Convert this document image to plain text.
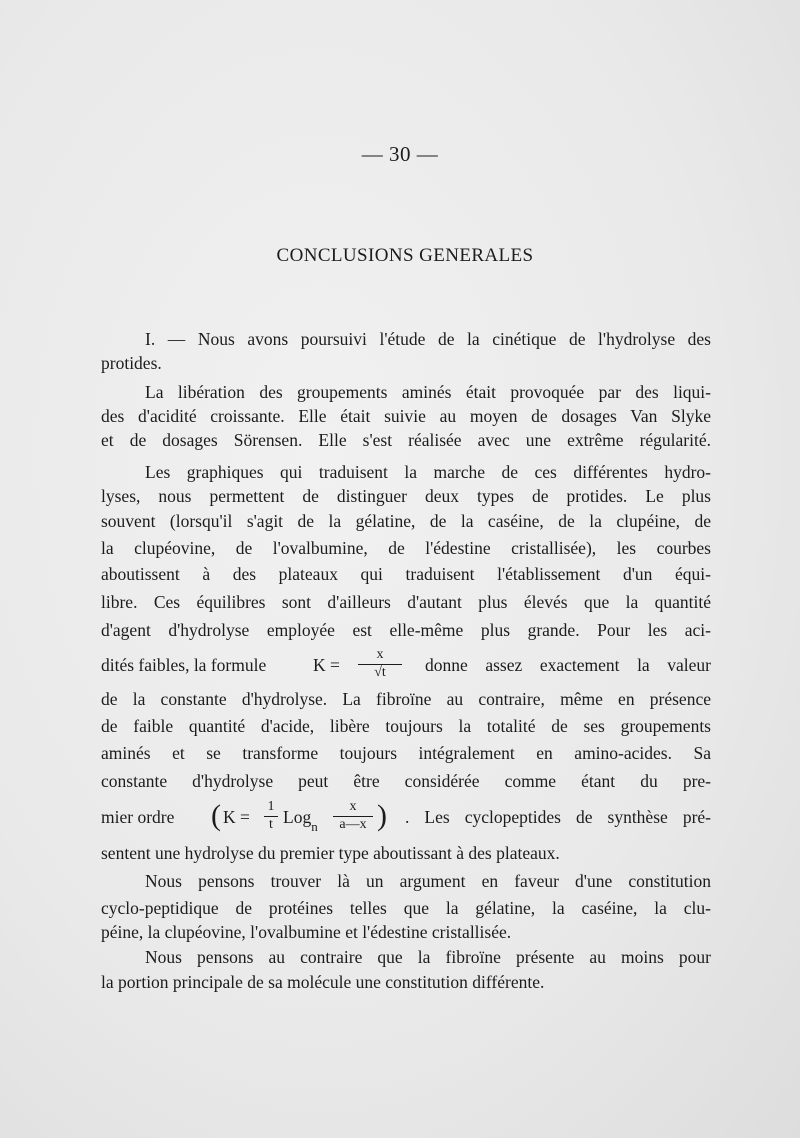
— 30 —
CONCLUSIONS GENERALES
I. — Nous avons poursuivi l'étude de la cinétique de l'hydrolyse des
protides.
La libération des groupements aminés était provoquée par des liqui-
des d'acidité croissante. Elle était suivie au moyen de dosages Van Slyke
et de dosages Sörensen. Elle s'est réalisée avec une extrême régularité.
Les graphiques qui traduisent la marche de ces différentes hydro-
lyses, nous permettent de distinguer deux types de protides. Le plus
souvent (lorsqu'il s'agit de la gélatine, de la caséine, de la clupéine, de
la clupéovine, de l'ovalbumine, de l'édestine cristallisée), les courbes
aboutissent à des plateaux qui traduisent l'établissement d'un équi-
libre. Ces équilibres sont d'ailleurs d'autant plus élevés que la quantité
d'agent d'hydrolyse employée est elle-même plus grande. Pour les aci-
dités faibles, la formule	K =
x
√t	donne assez exactement la valeur
de la constante d'hydrolyse. La fibroïne au contraire, même en présence
de faible quantité d'acide, libère toujours la totalité de ses groupements
aminés et se transforme toujours intégralement en amino-acides. Sa
constante d'hydrolyse peut être considérée comme étant du pre-
mier ordre ( K =
1
t Log$_n$
x
a—x ) . Les cyclopeptides de synthèse pré-
sentent une hydrolyse du premier type aboutissant à des plateaux.
Nous pensons trouver là un argument en faveur d'une constitution
cyclo-peptidique de protéines telles que la gélatine, la caséine, la clu-
péine, la clupéovine, l'ovalbumine et l'édestine cristallisée.
Nous pensons au contraire que la fibroïne présente au moins pour
la portion principale de sa molécule une constitution différente.
